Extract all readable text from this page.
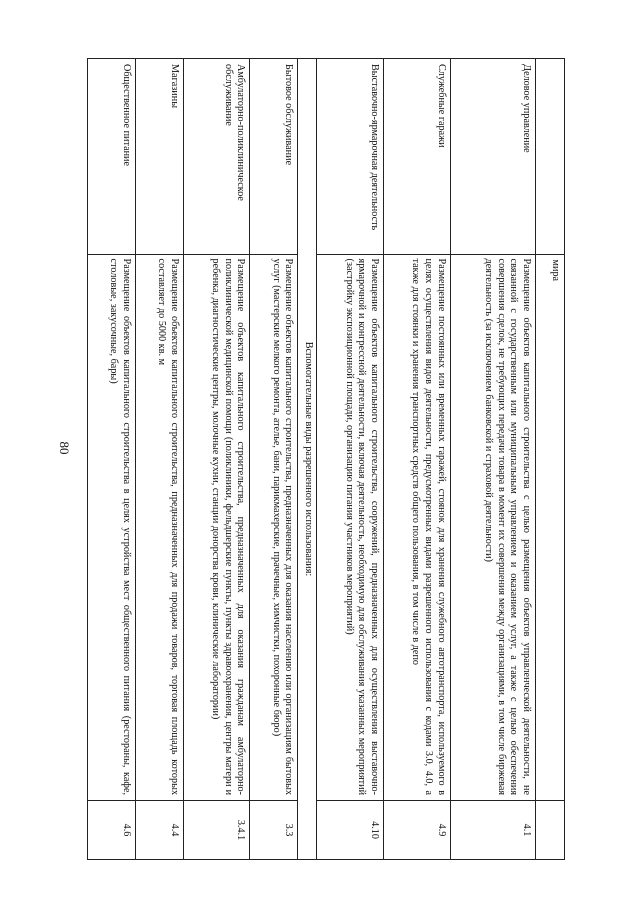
80
	мира	
Деловое управление	Размещение объектов капитального строительства с целью размещения объектов управленческой деятельности, не связанной с государственным или муниципальным управлением и оказанием услуг, а также с целью обеспечения совершения сделок, не требующих передачи товара в момент их совершения между организациями, в том числе биржевая деятельность (за исключением банковской и страховой деятельности)	4.1
Служебные гаражи	Размещение постоянных или временных гаражей, стоянок для хранения служебного автотранспорта, используемого в целях осуществления видов деятельности, предусмотренных видами разрешенного использования с кодами 3.0, 4.0, а также для стоянки и хранения транспортных средств общего пользования, в том числе в депо	4.9
Выставочно-ярмарочная деятельность	Размещение объектов капитального строительства, сооружений, предназначенных для осуществления выставочно-ярмарочной и конгрессной деятельности, включая деятельность, необходимую для обслуживания указанных мероприятий (застройку экспозиционной площади, организацию питания участников мероприятий)	4.10
Вспомогательные виды разрешенного использования:		
Бытовое обслуживание	Размещение объектов капитального строительства, предназначенных для оказания населению или организациям бытовых услуг (мастерские мелкого ремонта, ателье, бани, парикмахерские, прачечные, химчистки, похоронные бюро)	3.3
Амбулаторно-поликлиническое обслуживание	Размещение объектов капитального строительства, предназначенных для оказания гражданам амбулаторно-поликлинической медицинской помощи (поликлиники, фельдшерские пункты, пункты здравоохранения, центры матери и ребенка, диагностические центры, молочные кухни, станции донорства крови, клинические лаборатории)	3.4.1
Магазины	Размещение объектов капитального строительства, предназначенных для продажи товаров, торговая площадь которых составляет до 5000 кв. м	4.4
Общественное питание	Размещение объектов капитального строительства в целях устройства мест общественного питания (рестораны, кафе, столовые, закусочные, бары)	4.6
